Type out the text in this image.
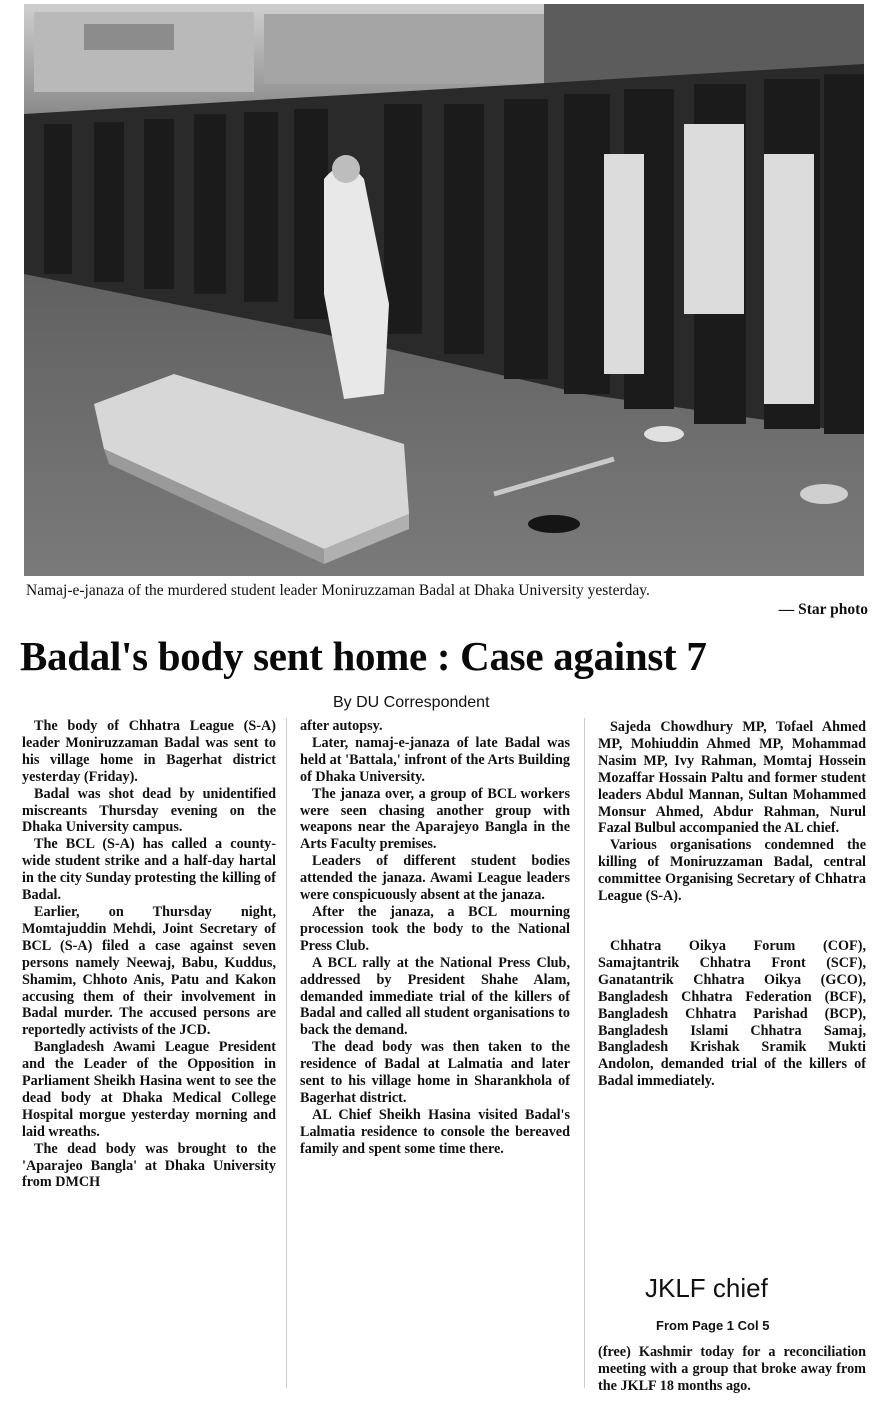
Namaj-e-janaza of the murdered student leader Moniruzzaman Badal at Dhaka University yesterday.
— Star photo
Badal's body sent home : Case against 7
By DU Correspondent

The body of Chhatra League (S-A) leader Moniruzzaman Badal was sent to his village home in Bagerhat district yesterday (Friday).

Badal was shot dead by unidentified miscreants Thursday evening on the Dhaka University campus.

The BCL (S-A) has called a county-wide student strike and a half-day hartal in the city Sunday protesting the killing of Badal.

Earlier, on Thursday night, Momtajuddin Mehdi, Joint Secretary of BCL (S-A) filed a case against seven persons namely Neewaj, Babu, Kuddus, Shamim, Chhoto Anis, Patu and Kakon accusing them of their involvement in Badal murder. The accused persons are reportedly activists of the JCD.

Bangladesh Awami League President and the Leader of the Opposition in Parliament Sheikh Hasina went to see the dead body at Dhaka Medical College Hospital morgue yesterday morning and laid wreaths.

The dead body was brought to the 'Aparajeo Bangla' at Dhaka University from DMCH

after autopsy.

Later, namaj-e-janaza of late Badal was held at 'Battala,' infront of the Arts Building of Dhaka University.

The janaza over, a group of BCL workers were seen chasing another group with weapons near the Aparajeyo Bangla in the Arts Faculty premises.

Leaders of different student bodies attended the janaza. Awami League leaders were conspicuously absent at the janaza.

After the janaza, a BCL mourning procession took the body to the National Press Club.

A BCL rally at the National Press Club, addressed by President Shahe Alam, demanded immediate trial of the killers of Badal and called all student organisations to back the demand.

The dead body was then taken to the residence of Badal at Lalmatia and later sent to his village home in Sharankhola of Bagerhat district.

AL Chief Sheikh Hasina visited Badal's Lalmatia residence to console the bereaved family and spent some time there.

Sajeda Chowdhury MP, Tofael Ahmed MP, Mohiuddin Ahmed MP, Mohammad Nasim MP, Ivy Rahman, Momtaj Hossein Mozaffar Hossain Paltu and former student leaders Abdul Mannan, Sultan Mohammed Monsur Ahmed, Abdur Rahman, Nurul Fazal Bulbul accompanied the AL chief.

Various organisations condemned the killing of Moniruzzaman Badal, central committee Organising Secretary of Chhatra League (S-A).

Chhatra Oikya Forum (COF), Samajtantrik Chhatra Front (SCF), Ganatantrik Chhatra Oikya (GCO), Bangladesh Chhatra Federation (BCF), Bangladesh Chhatra Parishad (BCP), Bangladesh Islami Chhatra Samaj, Bangladesh Krishak Sramik Mukti Andolon, demanded trial of the killers of Badal immediately.

JKLF chief
From Page 1 Col 5

(free) Kashmir today for a reconciliation meeting with a group that broke away from the JKLF 18 months ago.
